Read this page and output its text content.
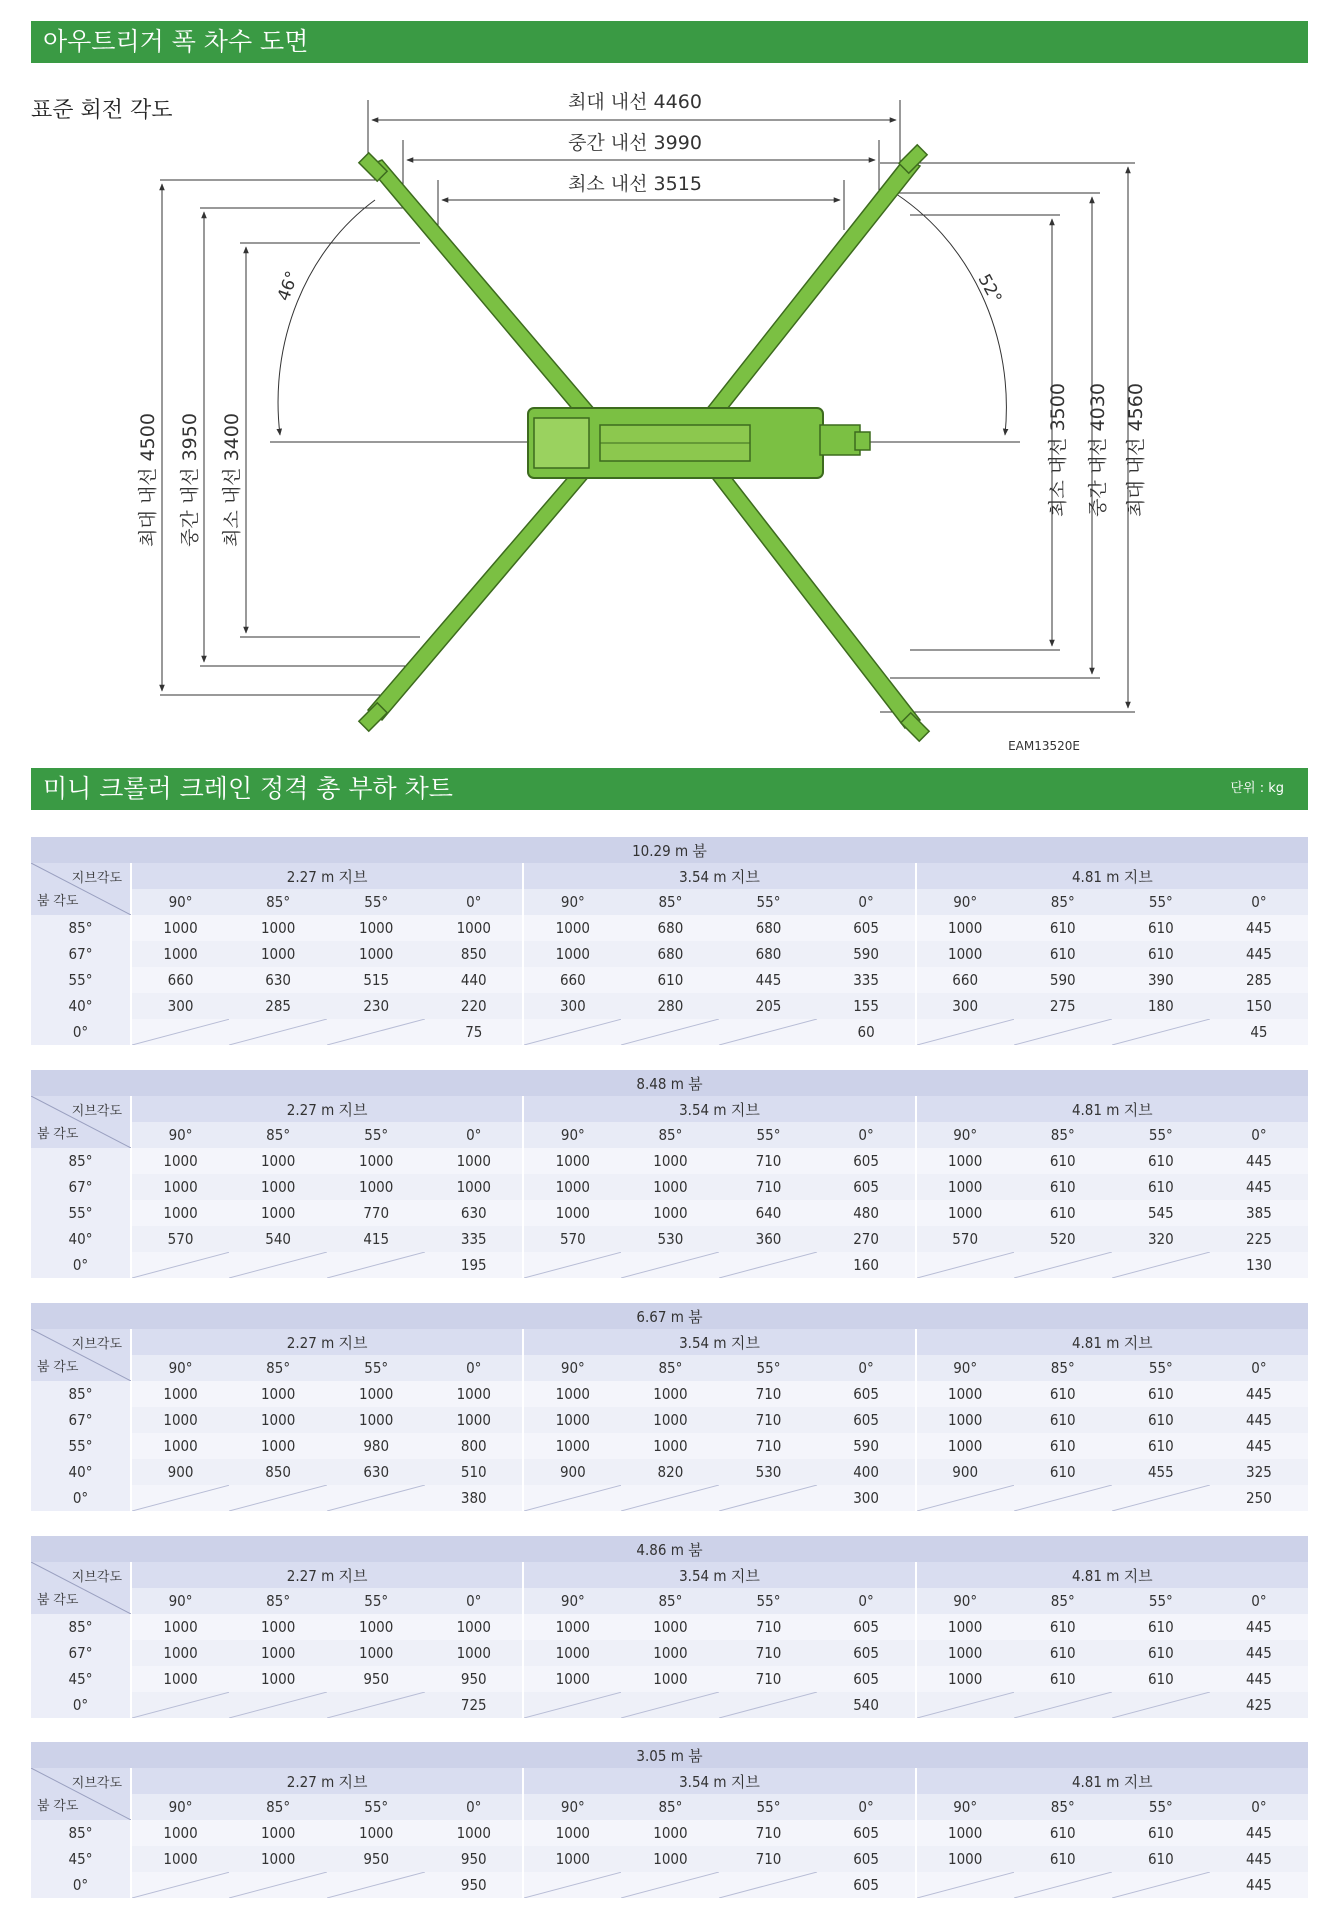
아우트리거 폭 차수 도면
표준 회전 각도	최대 내선 4460
중간 내선 3990
최소 내선 3515
최대 내선 4500 중간 내선 3950 최소 내선 3400	최소 내선 3500 중간 내선 4030 최대 내선 4560
46°	52°
EAM13520E
미니 크롤러 크레인 정격 총 부하 차트	단위 : kg
10.29 m 붐												

지브각도
붐 각도	2.27 m 지브				3.54 m 지브				4.81 m 지브			
	90°	85°	55°	0°	90°	85°	55°	0°	90°	85°	55°	0°
85°	1000	1000	1000	1000	1000	680	680	605	1000	610	610	445
67°	1000	1000	1000	850	1000	680	680	590	1000	610	610	445
55°	660	630	515	440	660	610	445	335	660	590	390	285
40°	300	285	230	220	300	280	205	155	300	275	180	150
0°				75				60				45
8.48 m 붐												

지브각도
붐 각도	2.27 m 지브				3.54 m 지브				4.81 m 지브			
	90°	85°	55°	0°	90°	85°	55°	0°	90°	85°	55°	0°
85°	1000	1000	1000	1000	1000	1000	710	605	1000	610	610	445
67°	1000	1000	1000	1000	1000	1000	710	605	1000	610	610	445
55°	1000	1000	770	630	1000	1000	640	480	1000	610	545	385
40°	570	540	415	335	570	530	360	270	570	520	320	225
0°				195				160				130
6.67 m 붐												

지브각도
붐 각도	2.27 m 지브				3.54 m 지브				4.81 m 지브			
	90°	85°	55°	0°	90°	85°	55°	0°	90°	85°	55°	0°
85°	1000	1000	1000	1000	1000	1000	710	605	1000	610	610	445
67°	1000	1000	1000	1000	1000	1000	710	605	1000	610	610	445
55°	1000	1000	980	800	1000	1000	710	590	1000	610	610	445
40°	900	850	630	510	900	820	530	400	900	610	455	325
0°				380				300				250
4.86 m 붐												

지브각도
붐 각도	2.27 m 지브				3.54 m 지브				4.81 m 지브			
	90°	85°	55°	0°	90°	85°	55°	0°	90°	85°	55°	0°
85°	1000	1000	1000	1000	1000	1000	710	605	1000	610	610	445
67°	1000	1000	1000	1000	1000	1000	710	605	1000	610	610	445
45°	1000	1000	950	950	1000	1000	710	605	1000	610	610	445
0°				725				540				425
3.05 m 붐												

지브각도
붐 각도	2.27 m 지브				3.54 m 지브				4.81 m 지브			
	90°	85°	55°	0°	90°	85°	55°	0°	90°	85°	55°	0°
85°	1000	1000	1000	1000	1000	1000	710	605	1000	610	610	445
45°	1000	1000	950	950	1000	1000	710	605	1000	610	610	445
0°				950				605				445
